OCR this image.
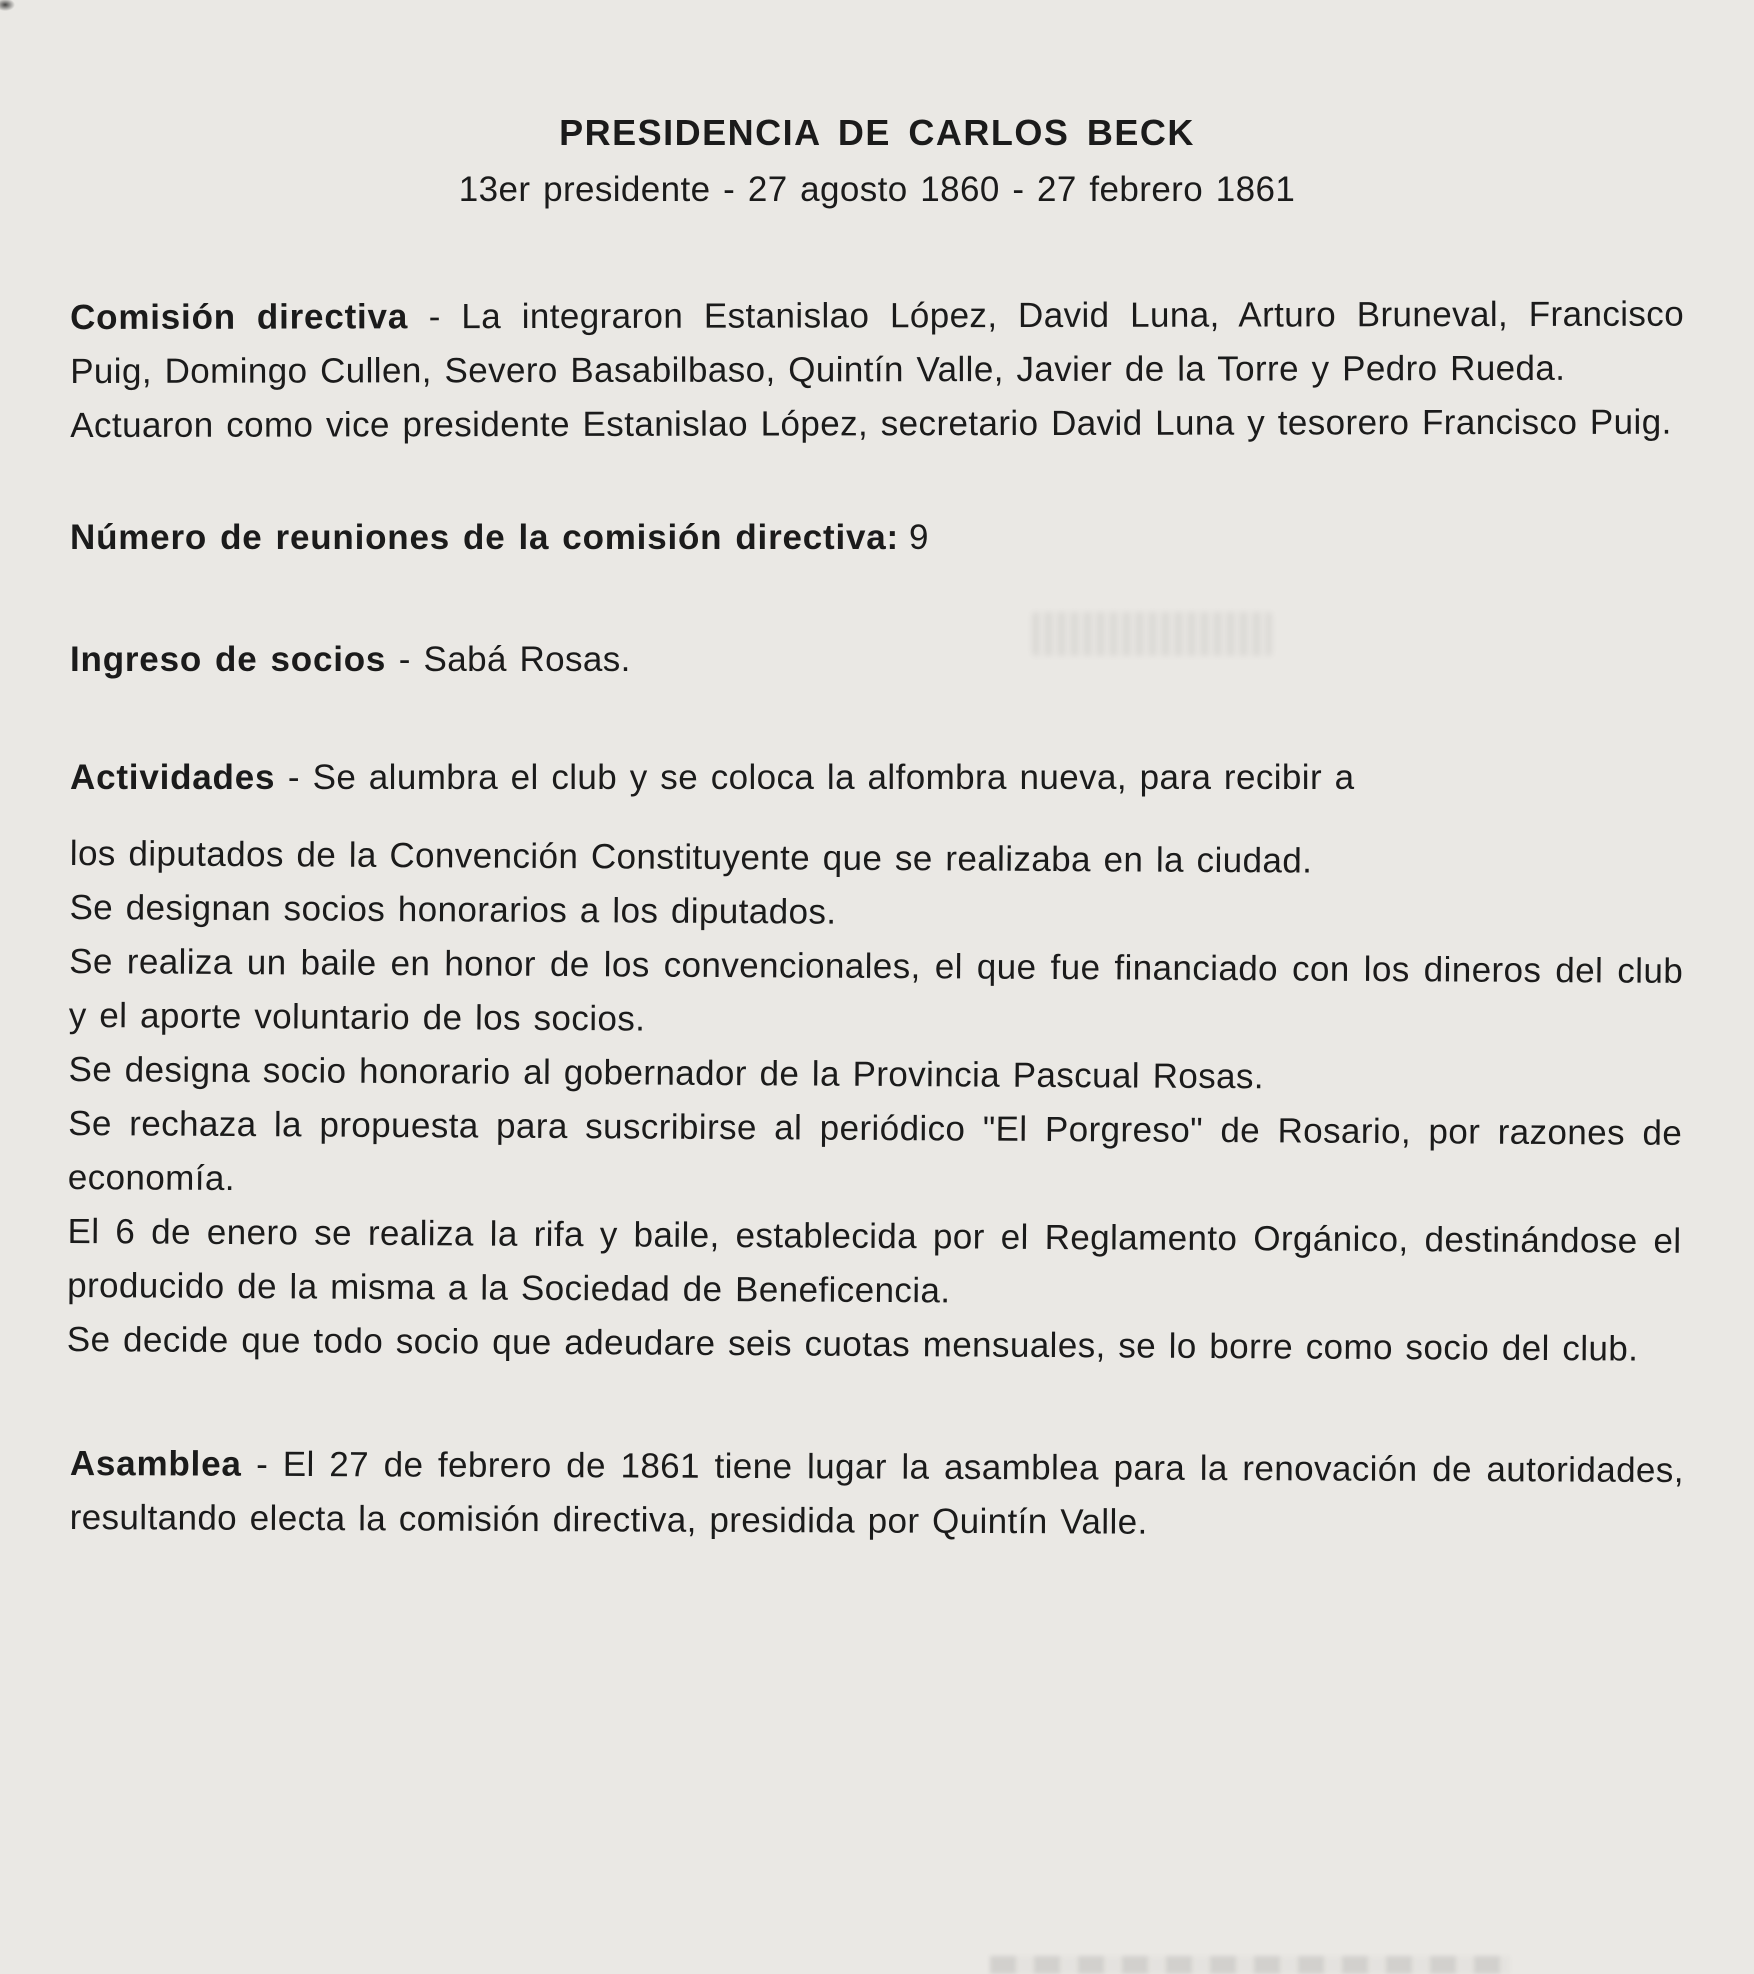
PRESIDENCIA DE CARLOS BECK
13er presidente - 27 agosto 1860 - 27 febrero 1861

Comisión directiva - La integraron Estanislao López, David Luna, Arturo Bruneval, Francisco Puig, Domingo Cullen, Severo Basabilbaso, Quintín Valle, Javier de la Torre y Pedro Rueda.

Actuaron como vice presidente Estanislao López, secretario David Luna y tesorero Francisco Puig.

Número de reuniones de la comisión directiva: 9

Ingreso de socios - Sabá Rosas.

Actividades - Se alumbra el club y se coloca la alfombra nueva, para recibir a

los diputados de la Convención Constituyente que se realizaba en la ciudad.

Se designan socios honorarios a los diputados.

Se realiza un baile en honor de los convencionales, el que fue financiado con los dineros del club y el aporte voluntario de los socios.

Se designa socio honorario al gobernador de la Provincia Pascual Rosas.

Se rechaza la propuesta para suscribirse al periódico "El Porgreso" de Rosario, por razones de economía.

El 6 de enero se realiza la rifa y baile, establecida por el Reglamento Orgánico, destinándose el producido de la misma a la Sociedad de Beneficencia.

Se decide que todo socio que adeudare seis cuotas mensuales, se lo borre como socio del club.

Asamblea - El 27 de febrero de 1861 tiene lugar la asamblea para la renovación de autoridades, resultando electa la comisión directiva, presidida por Quintín Valle.
